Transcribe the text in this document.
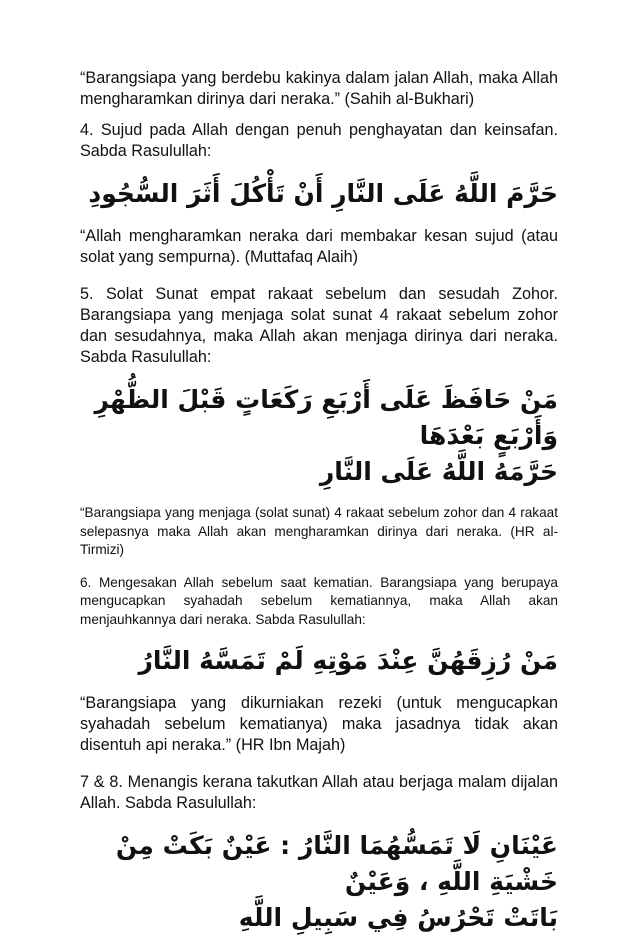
“Barangsiapa yang berdebu kakinya dalam jalan Allah, maka Allah mengharamkan dirinya dari neraka.” (Sahih al-Bukhari)

4. Sujud pada Allah dengan penuh penghayatan dan keinsafan. Sabda Rasulullah:

حَرَّمَ اللَّهُ عَلَى النَّارِ أَنْ تَأْكُلَ أَثَرَ السُّجُودِ

“Allah mengharamkan neraka dari membakar kesan sujud (atau solat yang sempurna). (Muttafaq Alaih)

5. Solat Sunat empat rakaat sebelum dan sesudah Zohor. Barangsiapa yang menjaga solat sunat 4 rakaat sebelum zohor dan sesudahnya, maka Allah akan menjaga dirinya dari neraka. Sabda Rasulullah:

مَنْ حَافَظَ عَلَى أَرْبَعِ رَكَعَاتٍ قَبْلَ الظُّهْرِ وَأَرْبَعٍ بَعْدَهَا

حَرَّمَهُ اللَّهُ عَلَى النَّارِ

“Barangsiapa yang menjaga (solat sunat) 4 rakaat sebelum zohor dan 4 rakaat selepasnya maka Allah akan mengharamkan dirinya dari neraka. (HR al-Tirmizi)

6. Mengesakan Allah sebelum saat kematian. Barangsiapa yang berupaya mengucapkan syahadah sebelum kematiannya, maka Allah akan menjauhkannya dari neraka. Sabda Rasulullah:

مَنْ رُزِقَهُنَّ عِنْدَ مَوْتِهِ لَمْ تَمَسَّهُ النَّارُ

“Barangsiapa yang dikurniakan rezeki (untuk mengucapkan syahadah sebelum kematianya) maka jasadnya tidak akan disentuh api neraka.” (HR Ibn Majah)

7 & 8. Menangis kerana takutkan Allah atau berjaga malam dijalan Allah. Sabda Rasulullah:

عَيْنَانِ لَا تَمَسُّهُمَا النَّارُ : عَيْنٌ بَكَتْ مِنْ خَشْيَةِ اللَّهِ ، وَعَيْنٌ

بَاتَتْ تَحْرُسُ فِي سَبِيلِ اللَّهِ
